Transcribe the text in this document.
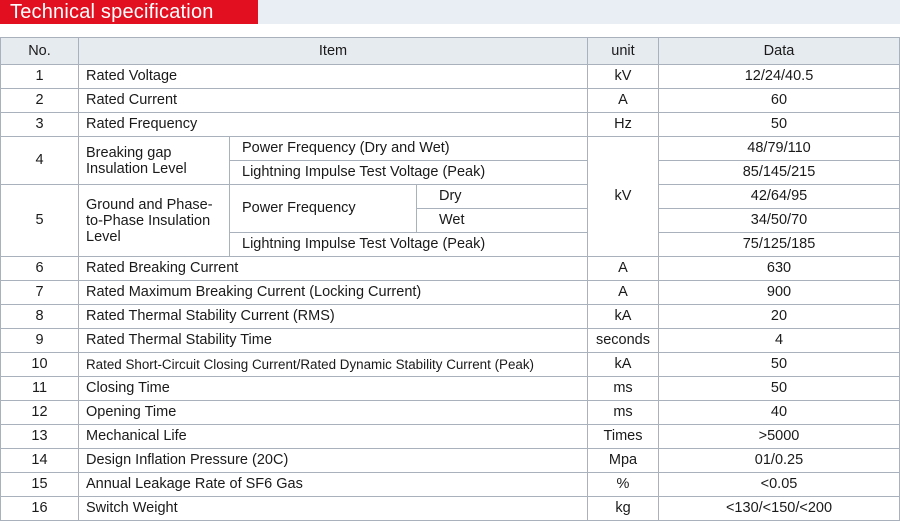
Technical specification
No.	Item			unit	Data
1	Rated Voltage			kV	12/24/40.5
2	Rated Current			A	60
3	Rated Frequency			Hz	50
4	Breaking gap Insulation Level	Power Frequency (Dry and Wet)		kV	48/79/110
		Lightning Impulse Test Voltage (Peak)			85/145/215
5	Ground and Phase-to-Phase Insulation Level	Power Frequency	Dry		42/64/95
			Wet		34/50/70
		Lightning Impulse Test Voltage (Peak)			75/125/185
6	Rated Breaking Current			A	630
7	Rated Maximum Breaking Current (Locking Current)			A	900
8	Rated Thermal Stability Current (RMS)			kA	20
9	Rated Thermal Stability Time			seconds	4
10	Rated Short-Circuit Closing Current/Rated Dynamic Stability Current (Peak)			kA	50
11	Closing Time			ms	50
12	Opening Time			ms	40
13	Mechanical Life			Times	>5000
14	Design Inflation Pressure (20C)			Mpa	01/0.25
15	Annual Leakage Rate of SF6 Gas			%	<0.05
16	Switch Weight			kg	<130/<150/<200
